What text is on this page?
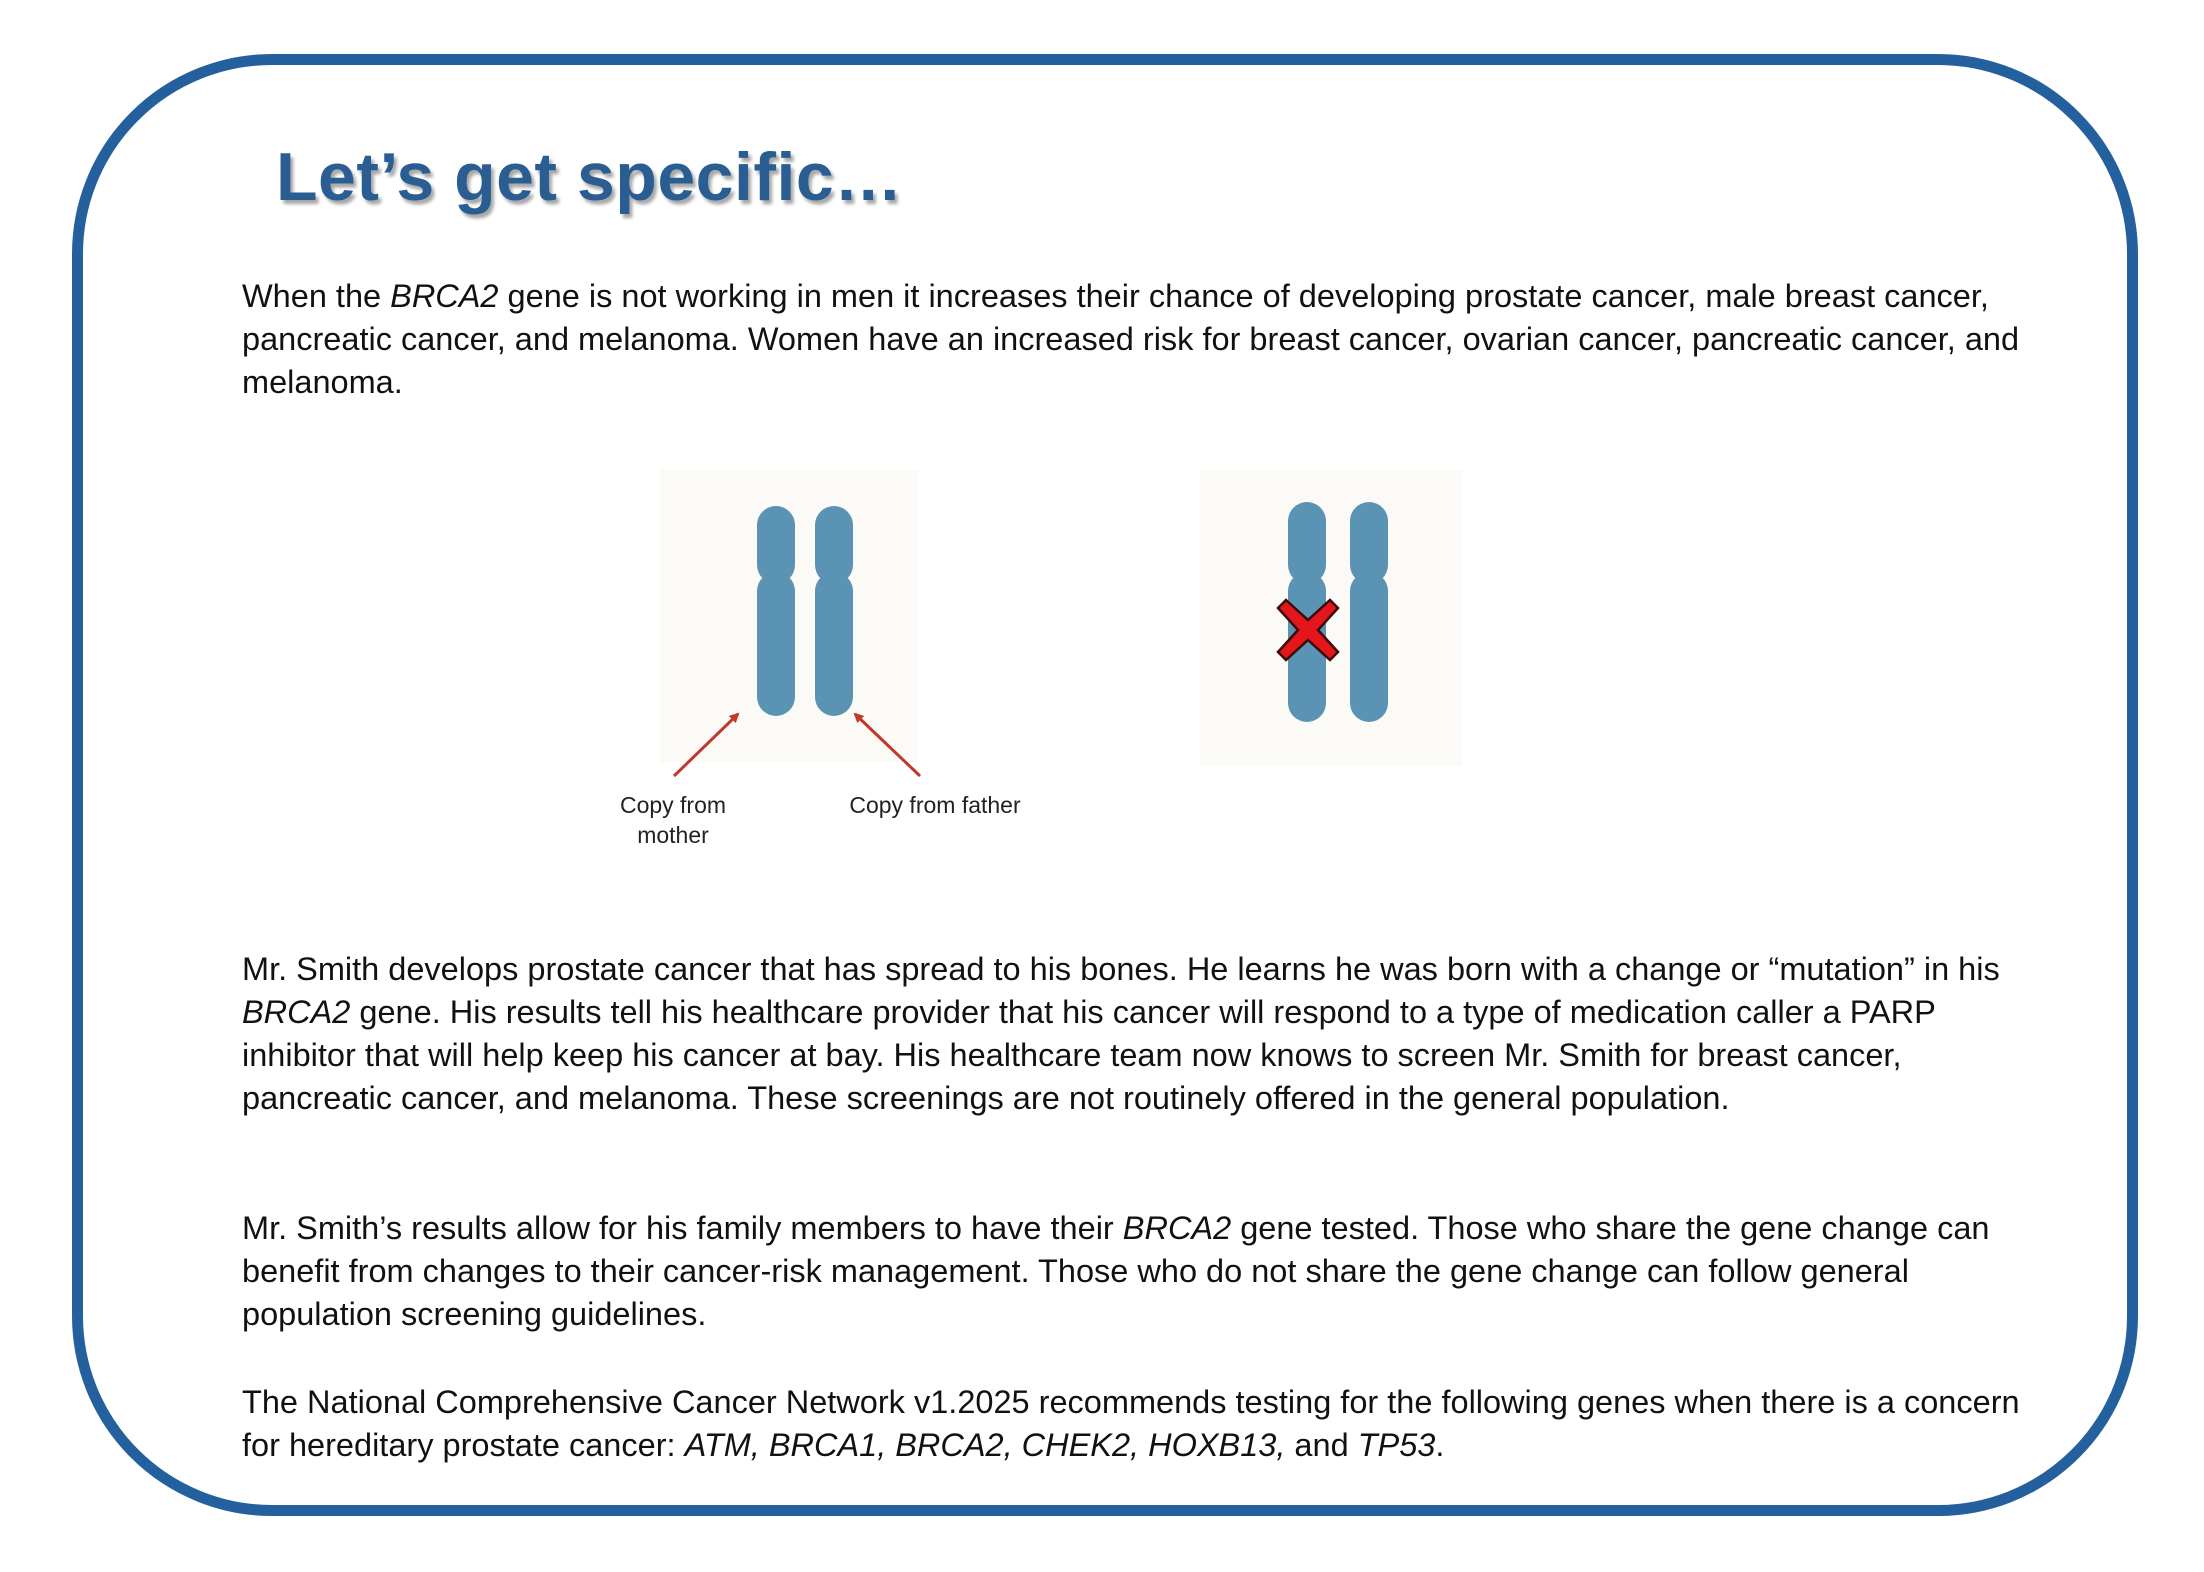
Let’s get specific…

When the BRCA2 gene is not working in men it increases their chance of developing prostate cancer, male breast cancer, pancreatic cancer, and melanoma. Women have an increased risk for breast cancer, ovarian cancer, pancreatic cancer, and melanoma.

Copy from mother

Copy from father

Mr. Smith develops prostate cancer that has spread to his bones. He learns he was born with a change or “mutation” in his BRCA2 gene. His results tell his healthcare provider that his cancer will respond to a type of medication caller a PARP inhibitor that will help keep his cancer at bay. His healthcare team now knows to screen Mr. Smith for breast cancer, pancreatic cancer, and melanoma. These screenings are not routinely offered in the general population.

Mr. Smith’s results allow for his family members to have their BRCA2 gene tested. Those who share the gene change can benefit from changes to their cancer-risk management. Those who do not share the gene change can follow general population screening guidelines.

The National Comprehensive Cancer Network v1.2025 recommends testing for the following genes when there is a concern for hereditary prostate cancer: ATM, BRCA1, BRCA2, CHEK2, HOXB13, and TP53.
